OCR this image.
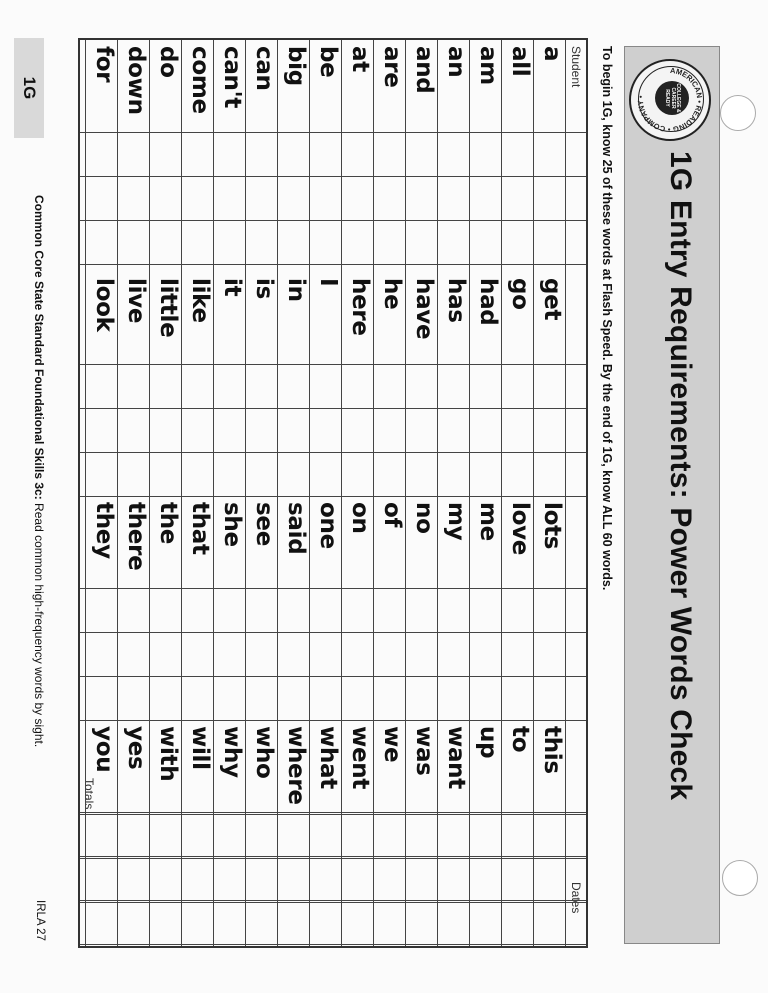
1G
AMERICAN • READING • COMPANY •	COLLEGE & CAREER READY
1G Entry Requirements: Power Words Check
To begin 1G, know 25 of these words at Flash Speed. By the end of 1G, know ALL 60 words.
Student
Dates
Totals
a
all
am
an
and
are
at
be
big
can
can't
come
do
down
for
get
go
had
has
have
he
here
I
in
is
it
like
little
live
look
lots
love
me
my
no
of
on
one
said
see
she
that
the
there
they
this
to
up
want
was
we
went
what
where
who
why
will
with
yes
you
Common Core State Standard Foundational Skills 3c: Read common high-frequency words by sight.
IRLA 27
